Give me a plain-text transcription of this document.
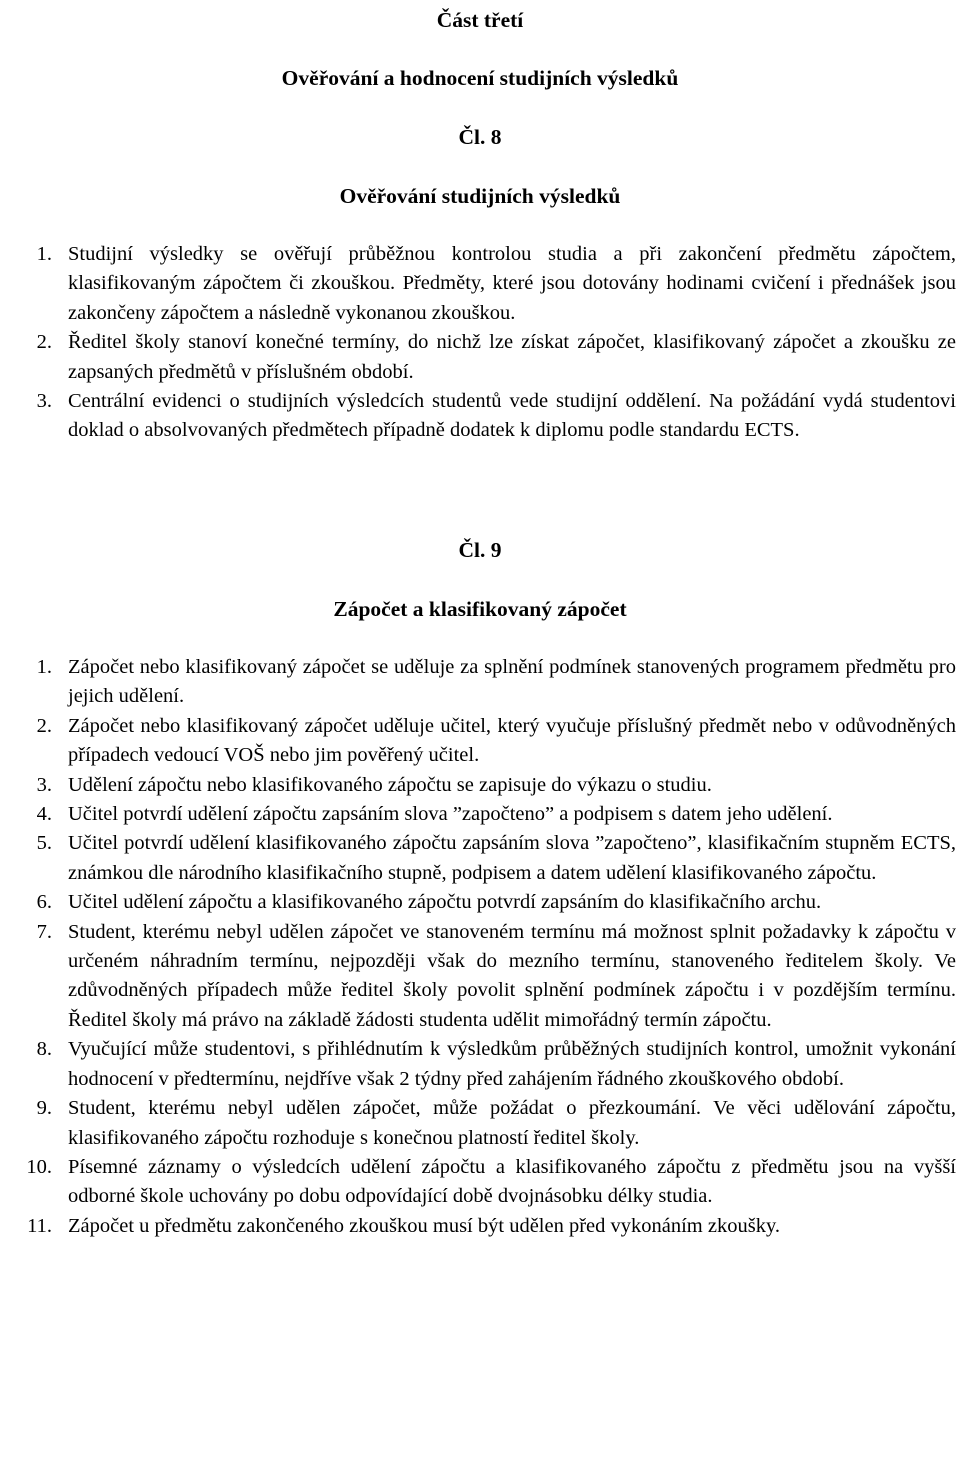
Část třetí
Ověřování a hodnocení studijních výsledků
Čl. 8
Ověřování studijních výsledků
1. Studijní výsledky se ověřují průběžnou kontrolou studia a při zakončení předmětu zápočtem, klasifikovaným zápočtem či zkouškou. Předměty, které jsou dotovány hodinami cvičení i přednášek jsou zakončeny zápočtem a následně vykonanou zkouškou.
2. Ředitel školy stanoví konečné termíny, do nichž lze získat zápočet, klasifikovaný zápočet a zkoušku ze zapsaných předmětů v příslušném období.
3. Centrální evidenci o studijních výsledcích studentů vede studijní oddělení. Na požádání vydá studentovi doklad o absolvovaných předmětech případně dodatek k diplomu podle standardu ECTS.
Čl. 9
Zápočet a klasifikovaný zápočet
1. Zápočet nebo klasifikovaný zápočet se uděluje za splnění podmínek stanovených programem předmětu pro jejich udělení.
2. Zápočet nebo klasifikovaný zápočet uděluje učitel, který vyučuje příslušný předmět nebo v odůvodněných případech vedoucí VOŠ nebo jim pověřený učitel.
3. Udělení zápočtu nebo klasifikovaného zápočtu se zapisuje do výkazu o studiu.
4. Učitel potvrdí udělení zápočtu zapsáním slova ”započteno” a podpisem s datem jeho udělení.
5. Učitel potvrdí udělení klasifikovaného zápočtu zapsáním slova ”započteno”, klasifikačním stupněm ECTS, známkou dle národního klasifikačního stupně, podpisem a datem udělení klasifikovaného zápočtu.
6. Učitel udělení zápočtu a klasifikovaného zápočtu potvrdí zapsáním do klasifikačního archu.
7. Student, kterému nebyl udělen zápočet ve stanoveném termínu má možnost splnit požadavky k zápočtu v určeném náhradním termínu, nejpozději však do mezního termínu, stanoveného ředitelem školy. Ve zdůvodněných případech může ředitel školy povolit splnění podmínek zápočtu i v pozdějším termínu. Ředitel školy má právo na základě žádosti studenta udělit mimořádný termín zápočtu.
8. Vyučující může studentovi, s přihlédnutím k výsledkům průběžných studijních kontrol, umožnit vykonání hodnocení v předtermínu, nejdříve však 2 týdny před zahájením řádného zkouškového období.
9. Student, kterému nebyl udělen zápočet, může požádat o přezkoumání. Ve věci udělování zápočtu, klasifikovaného zápočtu rozhoduje s konečnou platností ředitel školy.
10. Písemné záznamy o výsledcích udělení zápočtu a klasifikovaného zápočtu z předmětu jsou na vyšší odborné škole uchovány po dobu odpovídající době dvojnásobku délky studia.
11. Zápočet u předmětu zakončeného zkouškou musí být udělen před vykonáním zkoušky.
